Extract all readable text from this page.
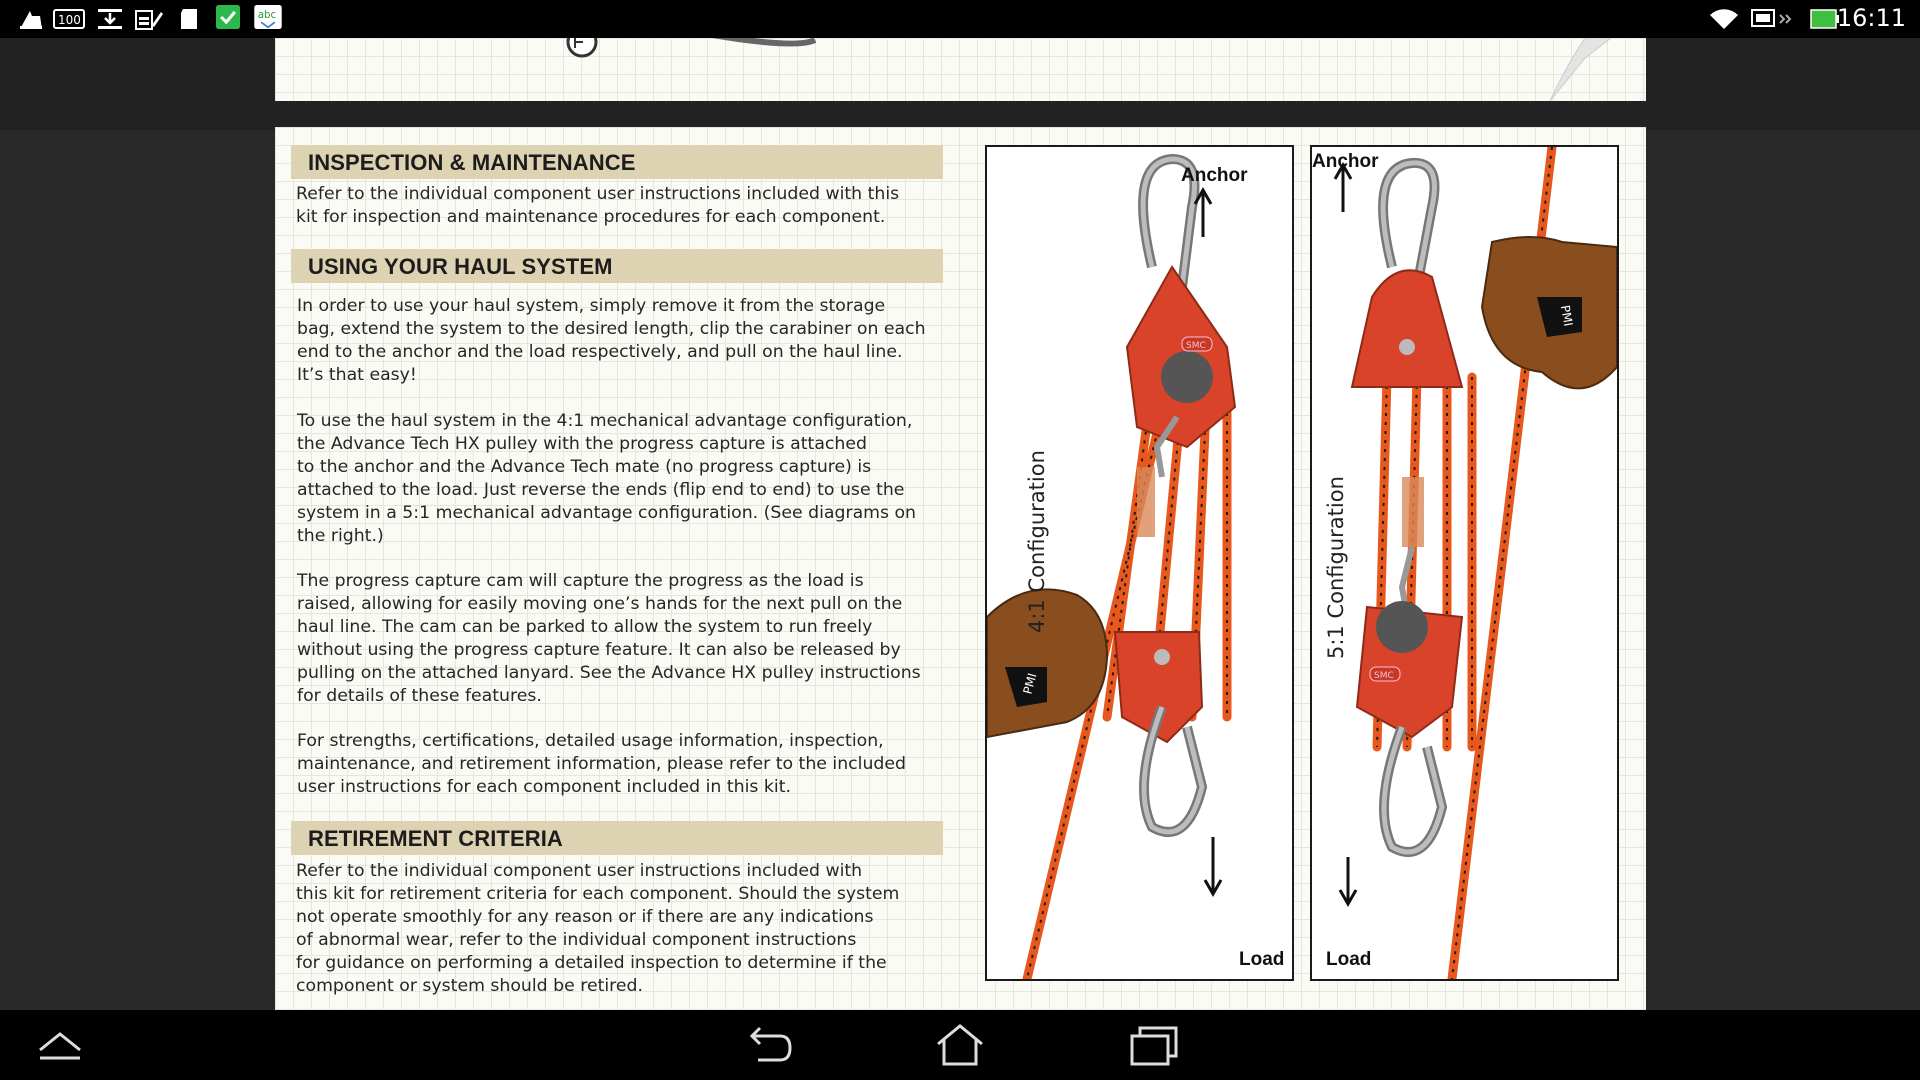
100	abc	16:11
INSPECTION & MAINTENANCE
Refer to the individual component user instructions included with this
kit for inspection and maintenance procedures for each component.
USING YOUR HAUL SYSTEM
In order to use your haul system, simply remove it from the storage
bag, extend the system to the desired length, clip the carabiner on each
end to the anchor and the load respectively, and pull on the haul line.
It’s that easy!
To use the haul system in the 4:1 mechanical advantage configuration,
the Advance Tech HX pulley with the progress capture is attached
to the anchor and the Advance Tech mate (no progress capture) is
attached to the load. Just reverse the ends (flip end to end) to use the
system in a 5:1 mechanical advantage configuration. (See diagrams on
the right.)
The progress capture cam will capture the progress as the load is
raised, allowing for easily moving one’s hands for the next pull on the
haul line. The cam can be parked to allow the system to run freely
without using the progress capture feature. It can also be released by
pulling on the attached lanyard. See the Advance HX pulley instructions
for details of these features.
For strengths, certifications, detailed usage information, inspection,
maintenance, and retirement information, please refer to the included
user instructions for each component included in this kit.
RETIREMENT CRITERIA
Refer to the individual component user instructions included with
this kit for retirement criteria for each component. Should the system
not operate smoothly for any reason or if there are any indications
of abnormal wear, refer to the individual component instructions
for guidance on performing a detailed inspection to determine if the
component or system should be retired.
SMC
PMI
Anchor
Load
4:1 Configuration
SMC
PMI
Anchor
Load
5:1 Configuration
